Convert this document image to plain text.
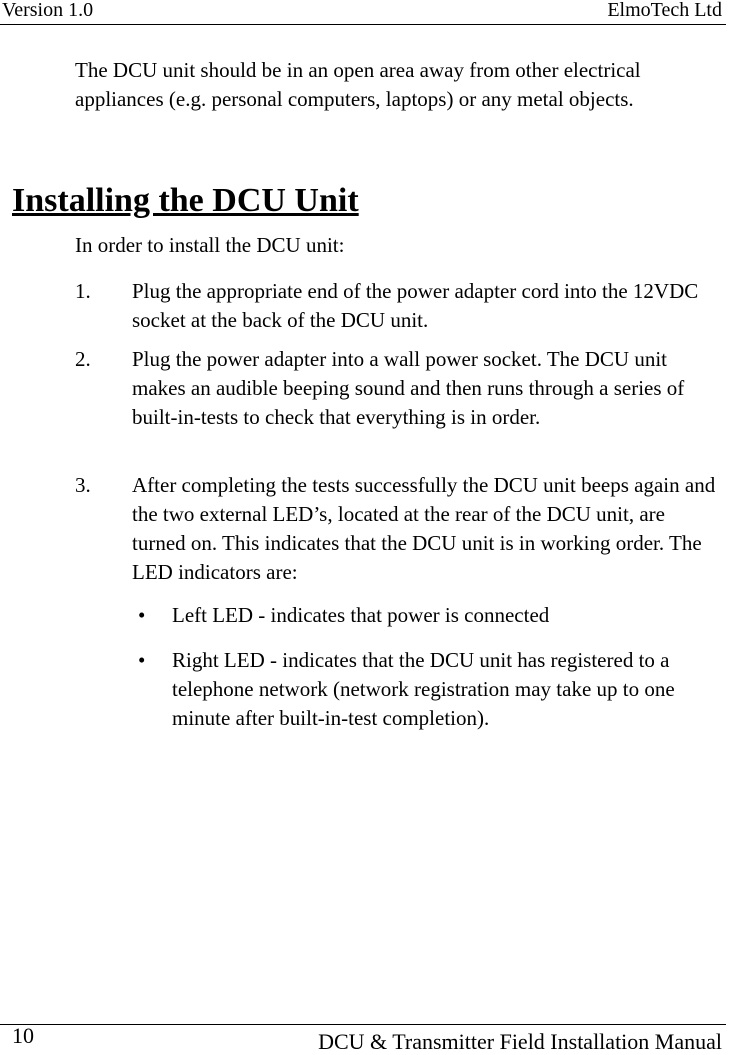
Version 1.0	ElmoTech Ltd

The DCU unit should be in an open area away from other electrical appliances (e.g. personal computers, laptops) or any metal objects.

Installing the DCU Unit

In order to install the DCU unit:

1. Plug the appropriate end of the power adapter cord into the 12VDC socket at the back of the DCU unit.
2. Plug the power adapter into a wall power socket. The DCU unit makes an audible beeping sound and then runs through a series of built-in-tests to check that everything is in order.
3. After completing the tests successfully the DCU unit beeps again and the two external LED’s, located at the rear of the DCU unit, are turned on. This indicates that the DCU unit is in working order. The LED indicators are:
• Left LED - indicates that power is connected
• Right LED - indicates that the DCU unit has registered to a telephone network (network registration may take up to one minute after built-in-test completion).
10	DCU & Transmitter Field Installation Manual
